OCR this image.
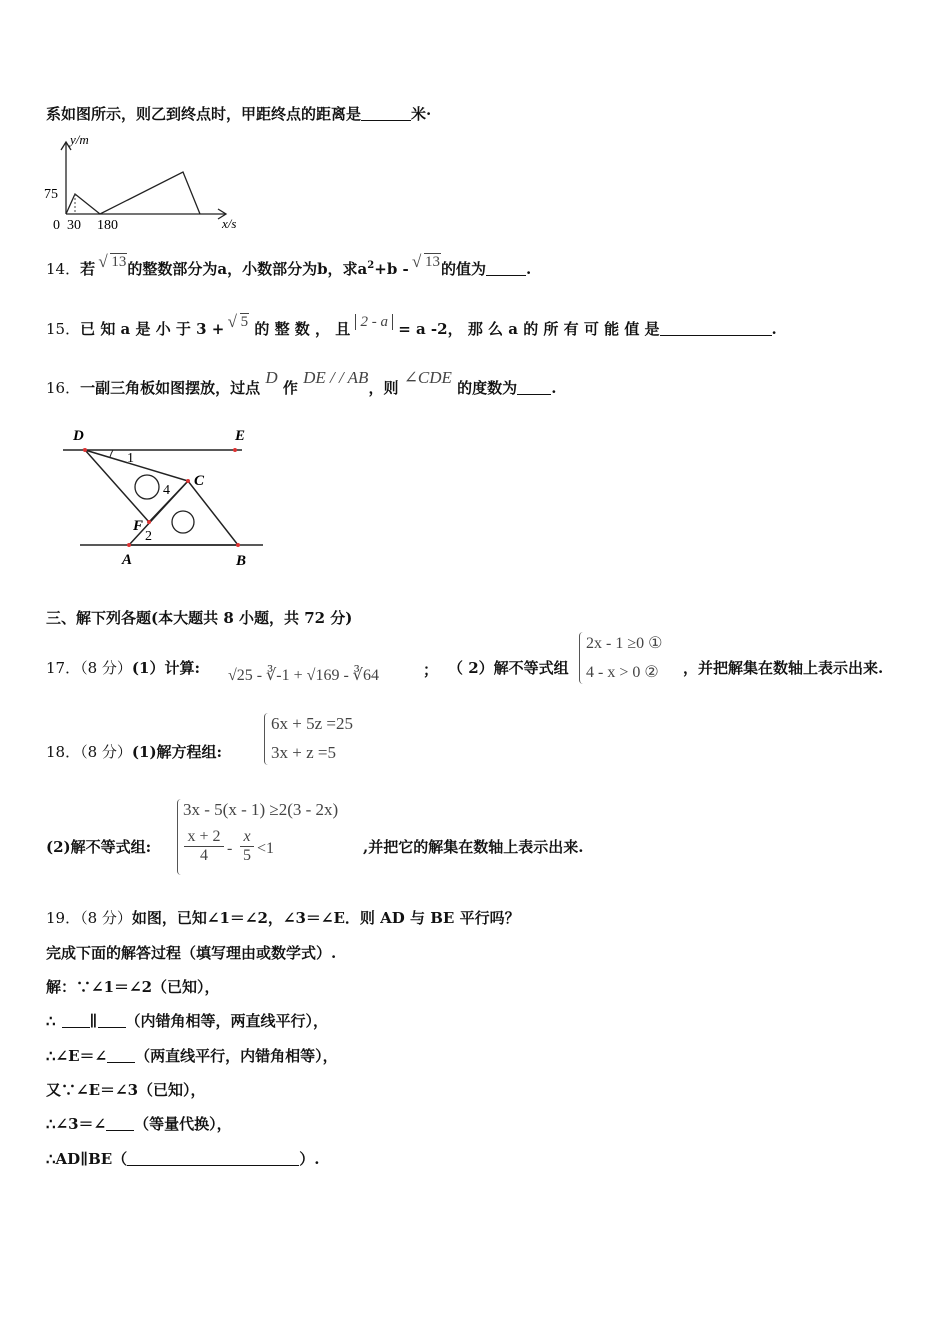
系如图所示，则乙到终点时，甲距终点的距离是	米·
y/m
x/s
75
0 30 180
14．若 √ 13的整数部分为a，小数部分为b，求$a^2+b$ - √ 13的值为	.
15．已 知 a 是 小 于 3 + √ 5 的 整 数 ， 且 2 - a = a -2， 那 么 a 的 所 有 可 能 值 是	.
16．一副三角板如图摆放，过点 D 作 DE / / AB，则 ∠CDE 的度数为 .
D	E
C
F
A	B
1
2
4
三、解下列各题(本大题共 8 小题，共 72 分)
17．（8 分）(1）计算: √25 - ∛-1 + √169 - ∛64	； （ 2）解不等式组
2x - 1 ≥0 ①
4 - x > 0 ② ，并把解集在数轴上表示出来.
18．（8 分）(1)解方程组:
6x + 5z =25
3x + z =5
(2)解不等式组:
3x - 5(x - 1) ≥2(3 - 2x)
$\frac{x + 2}{4} - \frac{x}{5} <1$	,并把它的解集在数轴上表示出来.
19．（8 分）如图，已知∠1＝∠2，∠3＝∠E．则 AD 与 BE 平行吗？
完成下面的解答过程（填写理由或数学式）.
解：∵∠1＝∠2（已知），
∴ ∥ （内错角相等，两直线平行），
∴∠E＝∠ （两直线平行，内错角相等），
又∵∠E＝∠3（已知），
∴∠3＝∠ （等量代换），
∴AD∥BE（	）.
